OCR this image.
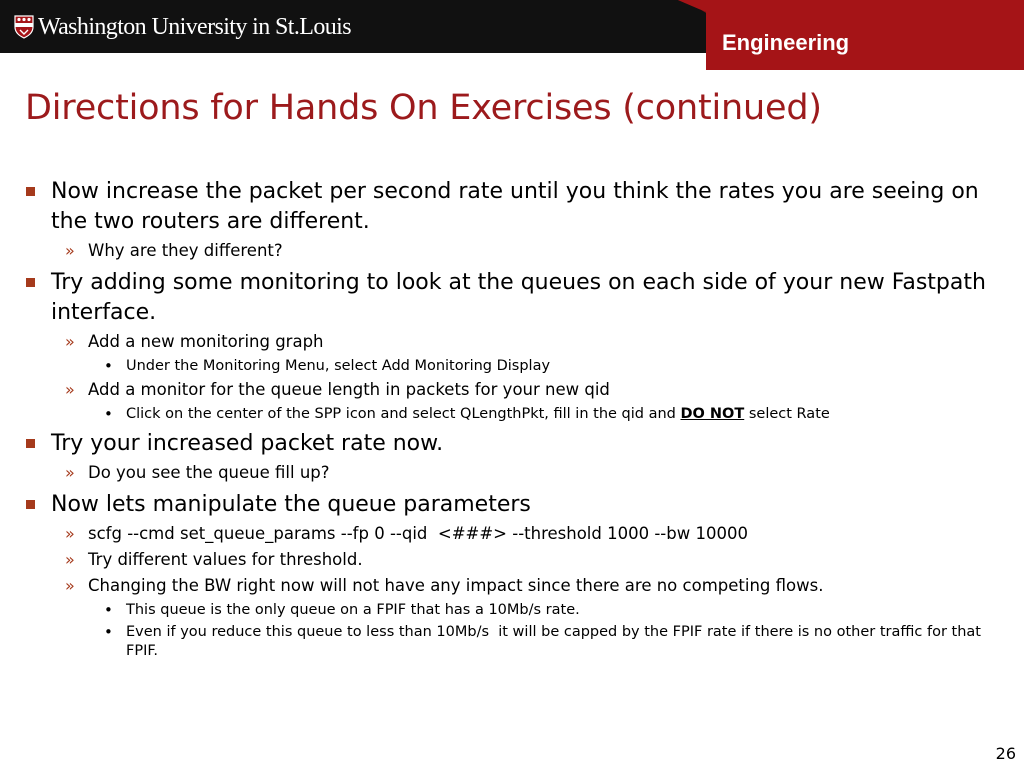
Washington University in St.Louis
Engineering
Directions for Hands On Exercises (continued)
Now increase the packet per second rate until you think the rates you are seeing on the two routers are different.
» Why are they different?
Try adding some monitoring to look at the queues on each side of your new Fastpath interface.
» Add a new monitoring graph
• Under the Monitoring Menu, select Add Monitoring Display
» Add a monitor for the queue length in packets for your new qid
• Click on the center of the SPP icon and select QLengthPkt, fill in the qid and DO NOT select Rate
Try your increased packet rate now.
» Do you see the queue fill up?
Now lets manipulate the queue parameters
» scfg --cmd set_queue_params --fp 0 --qid  <###> --threshold 1000 --bw 10000
» Try different values for threshold.
» Changing the BW right now will not have any impact since there are no competing flows.
• This queue is the only queue on a FPIF that has a 10Mb/s rate.
• Even if you reduce this queue to less than 10Mb/s  it will be capped by the FPIF rate if there is no other traffic for that FPIF.
26
